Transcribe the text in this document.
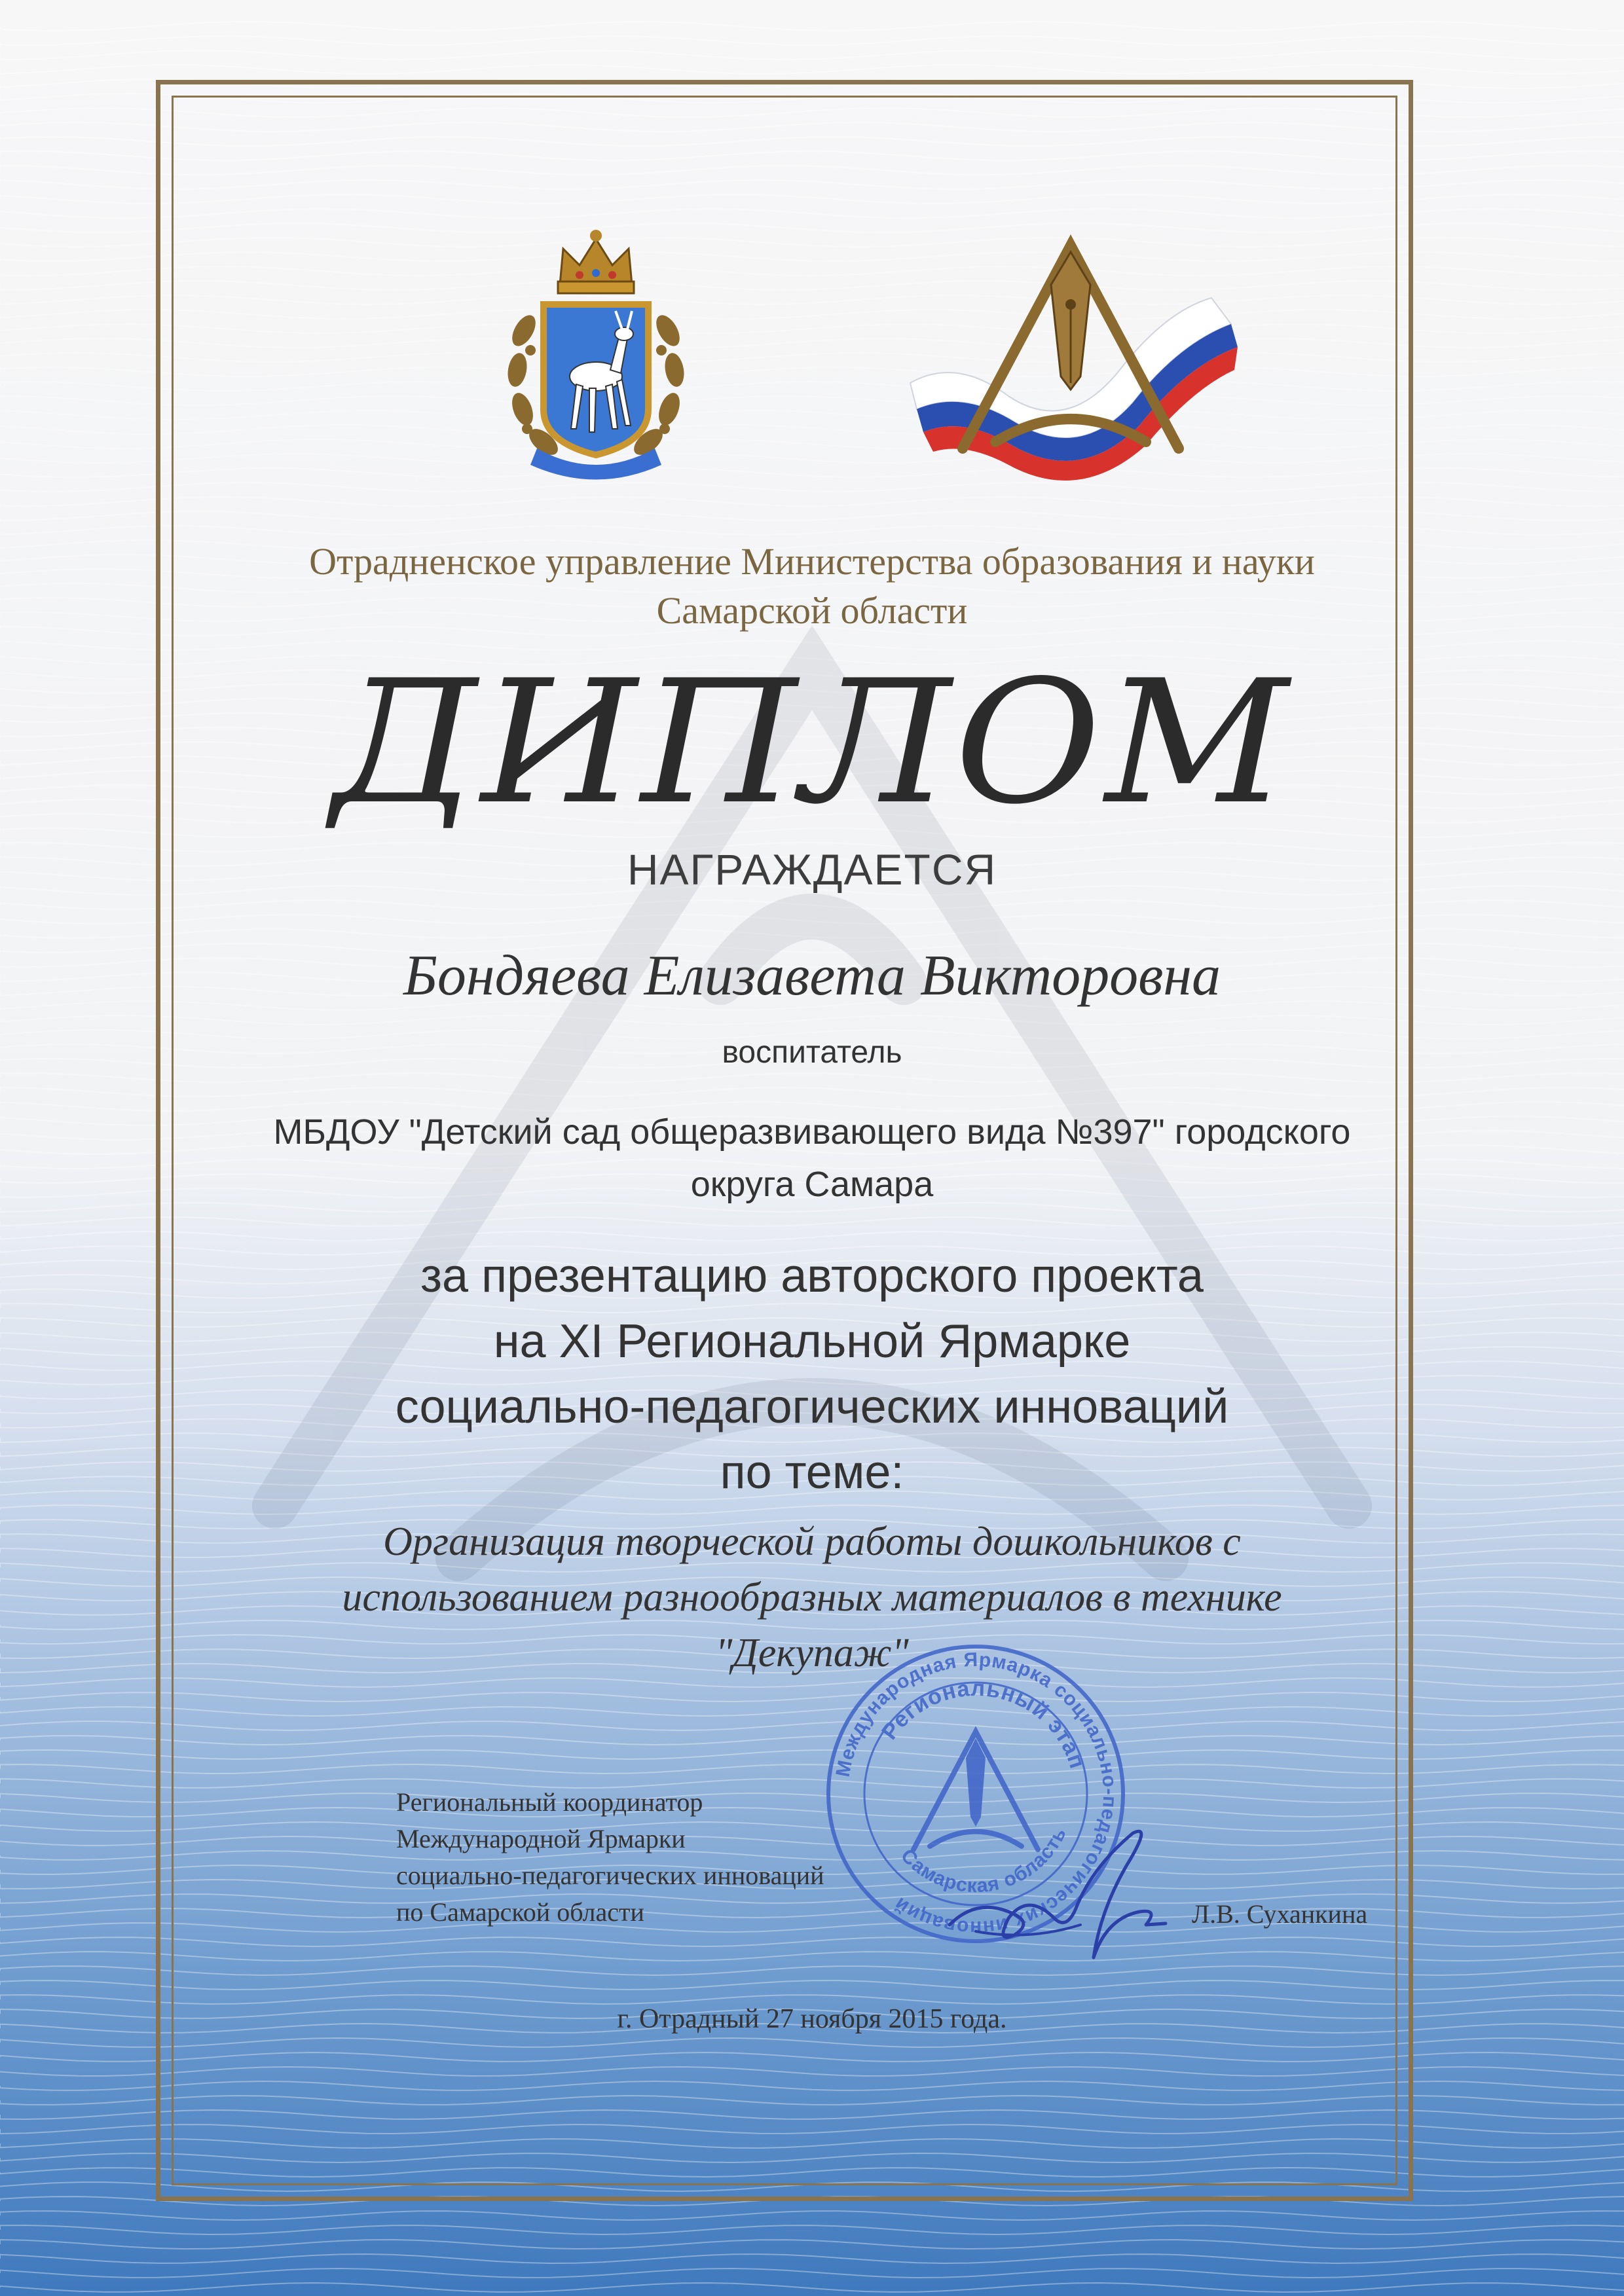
Отрадненское управление Министерства образования и науки
Самарской области
ДИПЛОМ
НАГРАЖДАЕТСЯ
Бондяева Елизавета Викторовна
воспитатель
МБДОУ "Детский сад общеразвивающего вида №397" городского
округа Самара
за презентацию авторского проекта
на XI Региональной Ярмарке
социально-педагогических инноваций
по теме:
Организация творческой работы дошкольников с
использованием разнообразных материалов в технике
"Декупаж"
Региональный координатор
Международной Ярмарки
социально-педагогических инноваций
по Самарской области
Международная Ярмарка социально-педагогических инноваций
Региональный этап
Самарская область
Л.В. Суханкина
г. Отрадный 27 ноября 2015 года.
